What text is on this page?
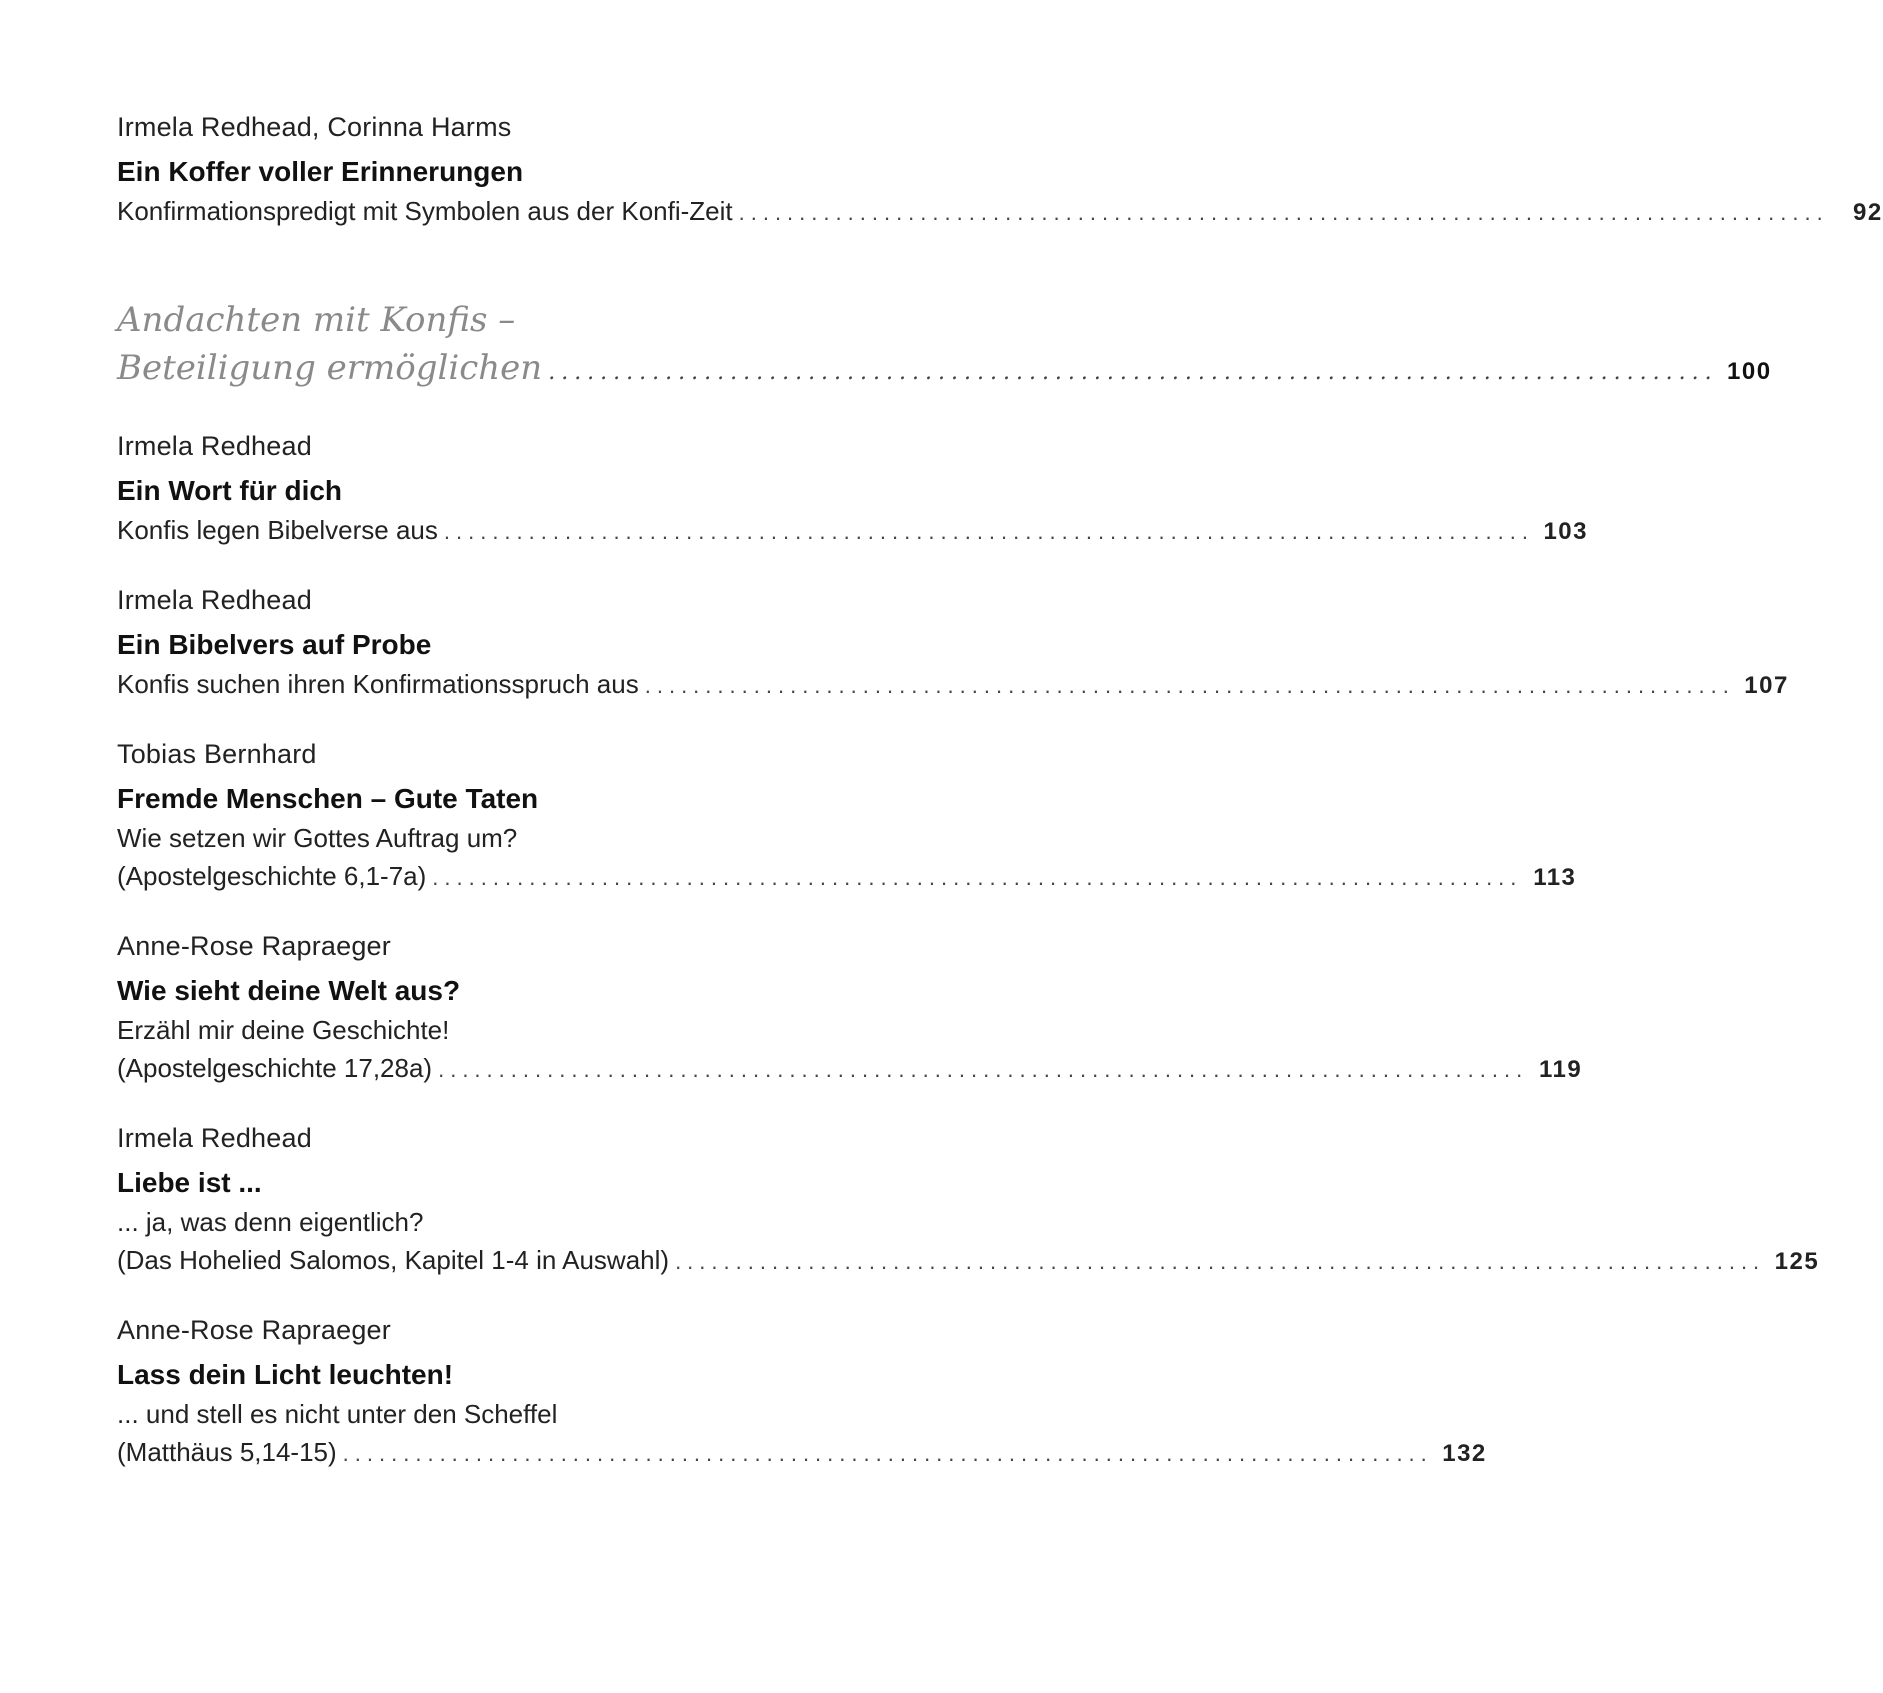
Irmela Redhead, Corinna Harms
Ein Koffer voller Erinnerungen
Konfirmationspredigt mit Symbolen aus der Konfi-Zeit ..........................................................................................	92
Andachten mit Konfis –
Beteiligung ermöglichen .......................................................................................... 100
Irmela Redhead
Ein Wort für dich
Konfis legen Bibelverse aus .......................................................................................... 103
Irmela Redhead
Ein Bibelvers auf Probe
Konfis suchen ihren Konfirmationsspruch aus .......................................................................................... 107
Tobias Bernhard
Fremde Menschen – Gute Taten
Wie setzen wir Gottes Auftrag um?
(Apostelgeschichte 6,1-7a) .......................................................................................... 113
Anne-Rose Rapraeger
Wie sieht deine Welt aus?
Erzähl mir deine Geschichte!
(Apostelgeschichte 17,28a) .......................................................................................... 119
Irmela Redhead
Liebe ist ...
... ja, was denn eigentlich?
(Das Hohelied Salomos, Kapitel 1-4 in Auswahl) .......................................................................................... 125
Anne-Rose Rapraeger
Lass dein Licht leuchten!
... und stell es nicht unter den Scheffel
(Matthäus 5,14-15) .......................................................................................... 132
